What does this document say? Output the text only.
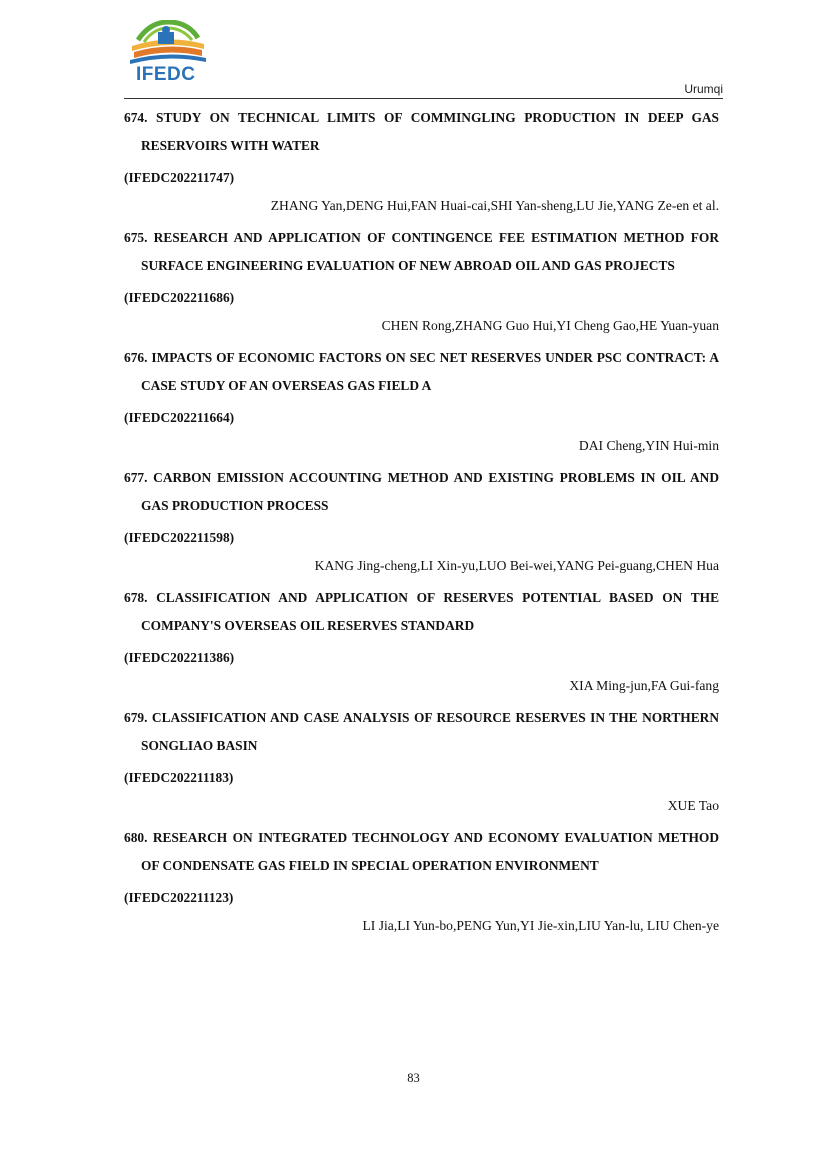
IFEDC
Urumqi

674. STUDY ON TECHNICAL LIMITS OF COMMINGLING PRODUCTION IN DEEP GAS RESERVOIRS WITH WATER

(IFEDC202211747)
ZHANG Yan,DENG Hui,FAN Huai-cai,SHI Yan-sheng,LU Jie,YANG Ze-en et al.

675. RESEARCH AND APPLICATION OF CONTINGENCE FEE ESTIMATION METHOD FOR SURFACE ENGINEERING EVALUATION OF NEW ABROAD OIL AND GAS PROJECTS

(IFEDC202211686)
CHEN Rong,ZHANG Guo Hui,YI Cheng Gao,HE Yuan-yuan

676. IMPACTS OF ECONOMIC FACTORS ON SEC NET RESERVES UNDER PSC CONTRACT: A CASE STUDY OF AN OVERSEAS GAS FIELD A

(IFEDC202211664)
DAI Cheng,YIN Hui-min

677. CARBON EMISSION ACCOUNTING METHOD AND EXISTING PROBLEMS IN OIL AND GAS PRODUCTION PROCESS

(IFEDC202211598)
KANG Jing-cheng,LI Xin-yu,LUO Bei-wei,YANG Pei-guang,CHEN Hua

678. CLASSIFICATION AND APPLICATION OF RESERVES POTENTIAL BASED ON THE COMPANY'S OVERSEAS OIL RESERVES STANDARD

(IFEDC202211386)
XIA Ming-jun,FA Gui-fang

679. CLASSIFICATION AND CASE ANALYSIS OF RESOURCE RESERVES IN THE NORTHERN SONGLIAO BASIN

(IFEDC202211183)
XUE Tao

680. RESEARCH ON INTEGRATED TECHNOLOGY AND ECONOMY EVALUATION METHOD OF CONDENSATE GAS FIELD IN SPECIAL OPERATION ENVIRONMENT

(IFEDC202211123)
LI Jia,LI Yun-bo,PENG Yun,YI Jie-xin,LIU Yan-lu, LIU Chen-ye
83
